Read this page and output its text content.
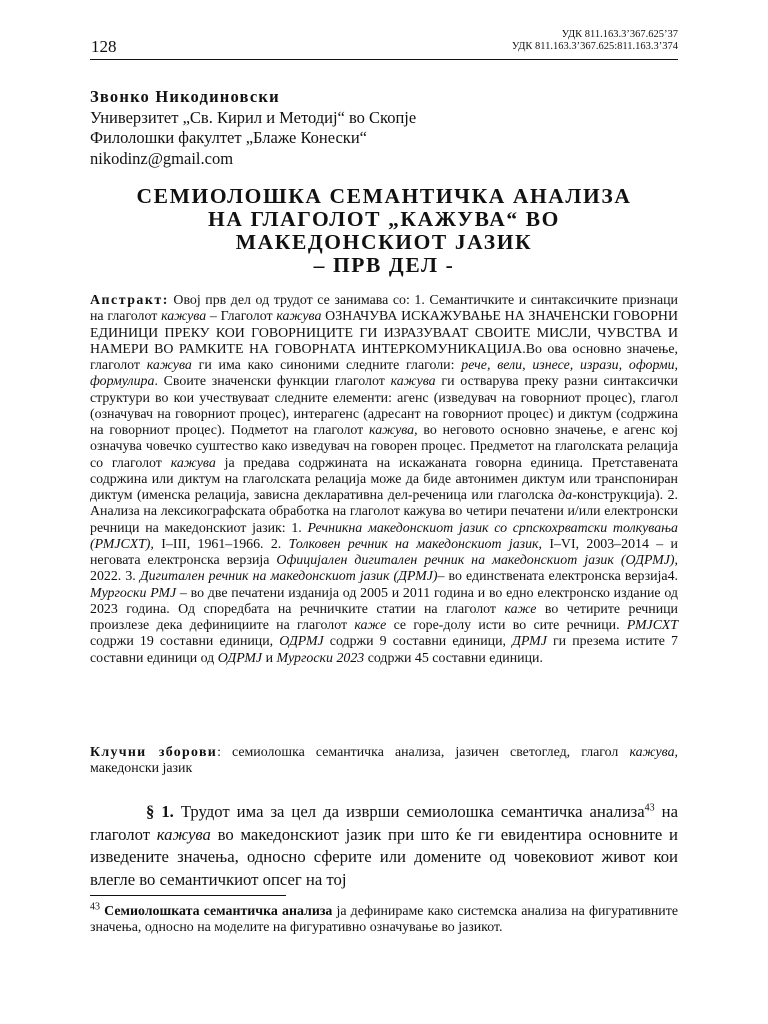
128
УДК 811.163.3’367.625’37
УДК 811.163.3’367.625:811.163.3’374
Звонко Никодиновски
Универзитет „Св. Кирил и Методиј“ во Скопје
Филолошки факултет „Блаже Конески“
nikodinz@gmail.com
СЕМИОЛОШКА СЕМАНТИЧКА АНАЛИЗА
НА ГЛАГОЛОТ „КАЖУВА“ ВО
МАКЕДОНСКИОТ ЈАЗИК
– ПРВ ДЕЛ -
Апстракт: Овој прв дел од трудот се занимава со: 1. Семантичките и синтаксичките признаци на глаголот кажува – Глаголот кажува ОЗНАЧУВА ИСКАЖУВАЊЕ НА ЗНАЧЕНСКИ ГОВОРНИ ЕДИНИЦИ ПРЕКУ КОИ ГОВОРНИЦИТЕ ГИ ИЗРАЗУВААТ СВОИТЕ МИСЛИ, ЧУВСТВА И НАМЕРИ ВО РАМКИТЕ НА ГОВОРНАТА ИНТЕРКОМУНИКАЦИЈА.Во ова основно значење, глаголот кажува ги има како синоними следните глаголи: рече, вели, изнесе, изрази, оформи, формулира. Своите значенски функции глаголот кажува ги остварува преку разни синтаксички структури во кои учествуваат следните елементи: агенс (изведувач на говорниот процес), глагол (означувач на говорниот процес), интерагенс (адресант на говорниот процес) и диктум (содржина на говорниот процес). Подметот на глаголот кажува, во неговото основно значење, е агенс кој означува човечко суштество како изведувач на говорен процес. Предметот на глаголската релација со глаголот кажува ја предава содржината на искажаната говорна единица. Претставената содржина или диктум на глаголската релација може да биде автонимен диктум или транспониран диктум (именска релација, зависна декларативна дел-реченица или глаголска да-конструкција). 2. Анализа на лексикографската обработка на глаголот кажува во четири печатени и/или електронски речници на македонскиот јазик: 1. Речникна македонскиот јазик со српскохрватски толкувања (РМЈСХТ), I–III, 1961–1966. 2. Толковен речник на македонскиот јазик, I–VI, 2003–2014 – и неговата електронска верзија Официјален дигитален речник на македонскиот јазик (ОДРМЈ), 2022. 3. Дигитален речник на македонскиот јазик (ДРМЈ)– во единствената електронска верзија4. Мургоски РМЈ – во две печатени изданија од 2005 и 2011 година и во едно електронско издание од 2023 година. Од споредбата на речничките статии на глаголот каже во четирите речници произлезе дека дефинициите на глаголот каже се горе-долу исти во сите речници. РМЈСХТ содржи 19 составни единици, ОДРМЈ содржи 9 составни единици, ДРМЈ ги презема истите 7 составни единици од ОДРМЈ и Мургоски 2023 содржи 45 составни единици.
Клучни зборови: семиолошка семантичка анализа, јазичен светоглед, глагол кажува, македонски јазик
§ 1. Трудот има за цел да изврши семиолошка семантичка анализа$^{43}$ на глаголот кажува во македонскиот јазик при што ќе ги евидентира основните и изведените значења, односно сферите или домените од човековиот живот кои влегле во семантичкиот опсег на тој
$^{43}$ Семиолошката семантичка анализа ја дефинираме како системска анализа на фигуративните значења, односно на моделите на фигуративно означување во јазикот.
